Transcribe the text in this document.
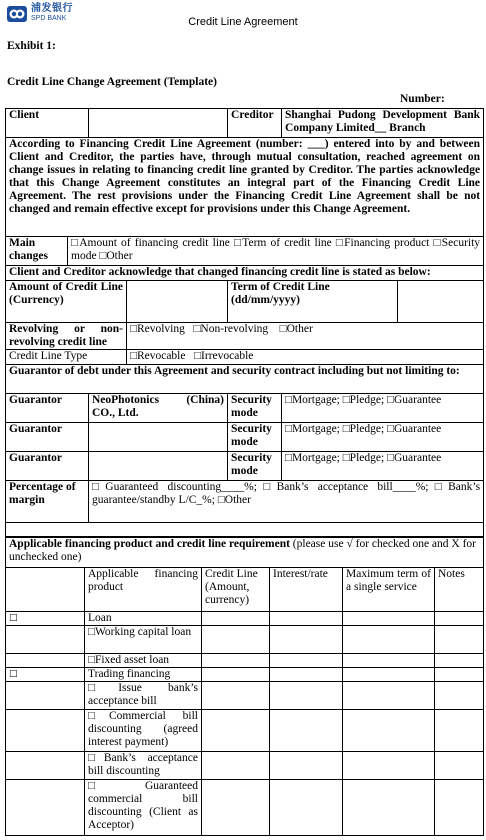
浦发银行
SPD BANK	Credit Line Agreement
Exhibit 1:
Credit Line Change Agreement (Template)
Number:
Client				Creditor	Shanghai Pudong Development Bank Company Limited__ Branch	
According to Financing Credit Line Agreement (number: ___) entered into by and between Client and Creditor, the parties have, through mutual consultation, reached agreement on change issues in relating to financing credit line granted by Creditor. The parties acknowledge that this Change Agreement constitutes an integral part of the Financing Credit Line Agreement. The rest provisions under the Financing Credit Line Agreement shall be not changed and remain effective except for provisions under this Change Agreement.						
Main changes	□Amount of financing credit line □Term of credit line □Financing product □Security mode □Other					
Client and Creditor acknowledge that changed financing credit line is stated as below:						
Amount of Credit Line (Currency)				Term of Credit Line (dd/mm/yyyy)		
Revolving or non-revolving credit line			□Revolving   □Non-revolving    □Other			
Credit Line Type			□Revocable   □Irrevocable			
Guarantor of debt under this Agreement and security contract including but not limiting to:						
Guarantor		NeoPhotonics (China) CO., Ltd.		Security mode	□Mortgage; □Pledge; □Guarantee	
Guarantor				Security mode	□Mortgage; □Pledge; □Guarantee	
Guarantor				Security mode	□Mortgage; □Pledge; □Guarantee	
Percentage of margin		□Guaranteed discounting____%;□Bank’s acceptance bill____%;□Bank’s guarantee/standby L/C_%; □Other				

Applicable financing product and credit line requirement (please use √ for checked one and X for unchecked one)					
	Applicable financing product	Credit Line (Amount, currency)	Interest/rate	Maximum term of a single service	Notes
□	Loan				
	□Working capital loan				
	□Fixed asset loan				
□	Trading financing				
	□Issue bank’s acceptance bill				
	□Commercial bill discounting (agreed interest payment)				
	□Bank’s acceptance bill discounting				
	□Guaranteed commercial bill discounting (Client as Acceptor)				
